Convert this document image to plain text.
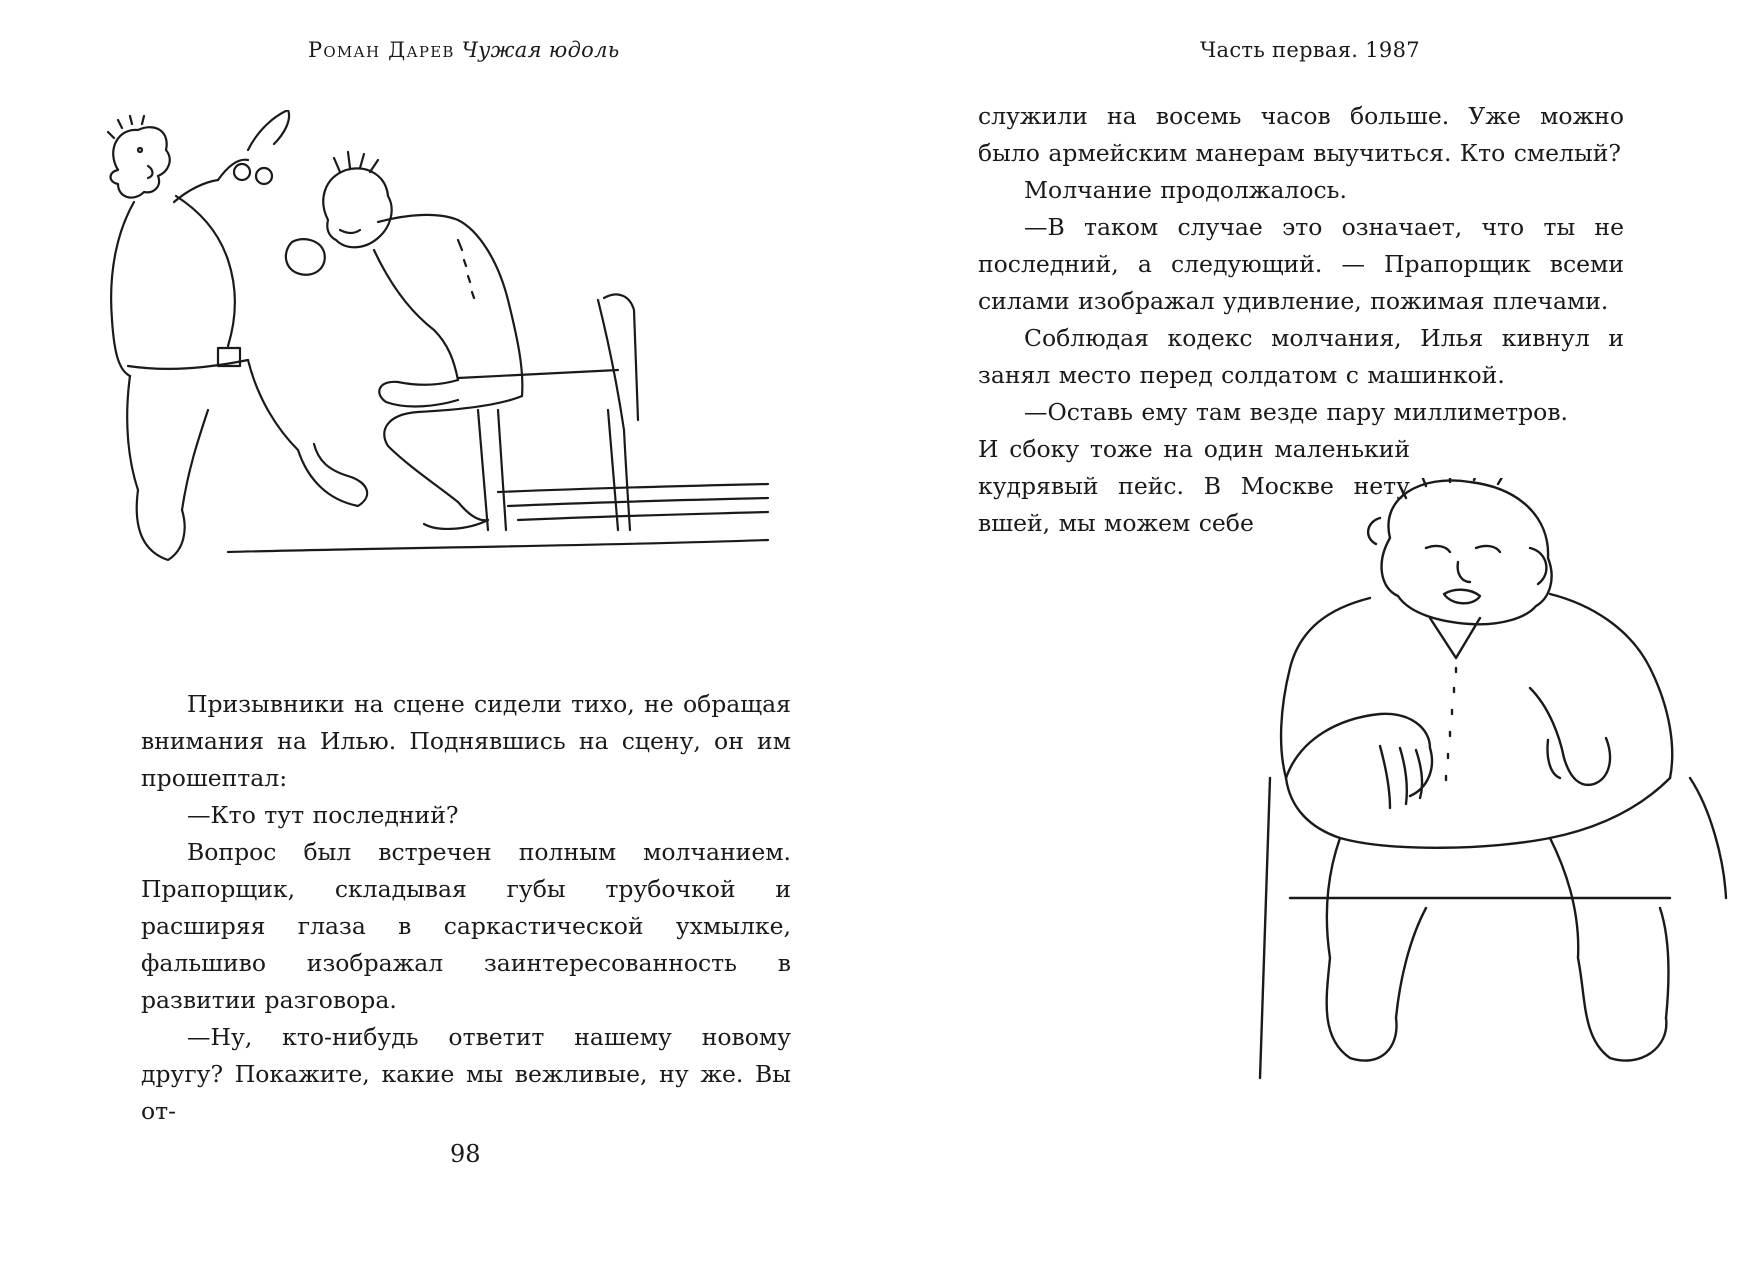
Роман Дарев Чужая юдоль

Призывники на сцене сидели тихо, не обращая внимания на Илью. Поднявшись на сцену, он им прошептал:

—Кто тут последний?

Вопрос был встречен полным молчанием. Прапорщик, складывая губы трубочкой и расширяя глаза в саркастической ухмылке, фальшиво изображал заинтересованность в развитии разговора.

—Ну, кто-нибудь ответит нашему новому другу? Покажите, какие мы вежливые, ну же. Вы от-

98
Часть первая. 1987

служили на восемь часов больше. Уже можно было армейским манерам выучиться. Кто смелый?

Молчание продолжалось.

—В таком случае это означает, что ты не последний, а следующий. — Прапорщик всеми силами изображал удивление, пожимая плечами.

Соблюдая кодекс молчания, Илья кивнул и занял место перед солдатом с машинкой.

—Оставь ему там везде пару миллиметров.

И сбоку тоже на один маленький кудрявый пейс. В Москве нету вшей, мы можем себе
